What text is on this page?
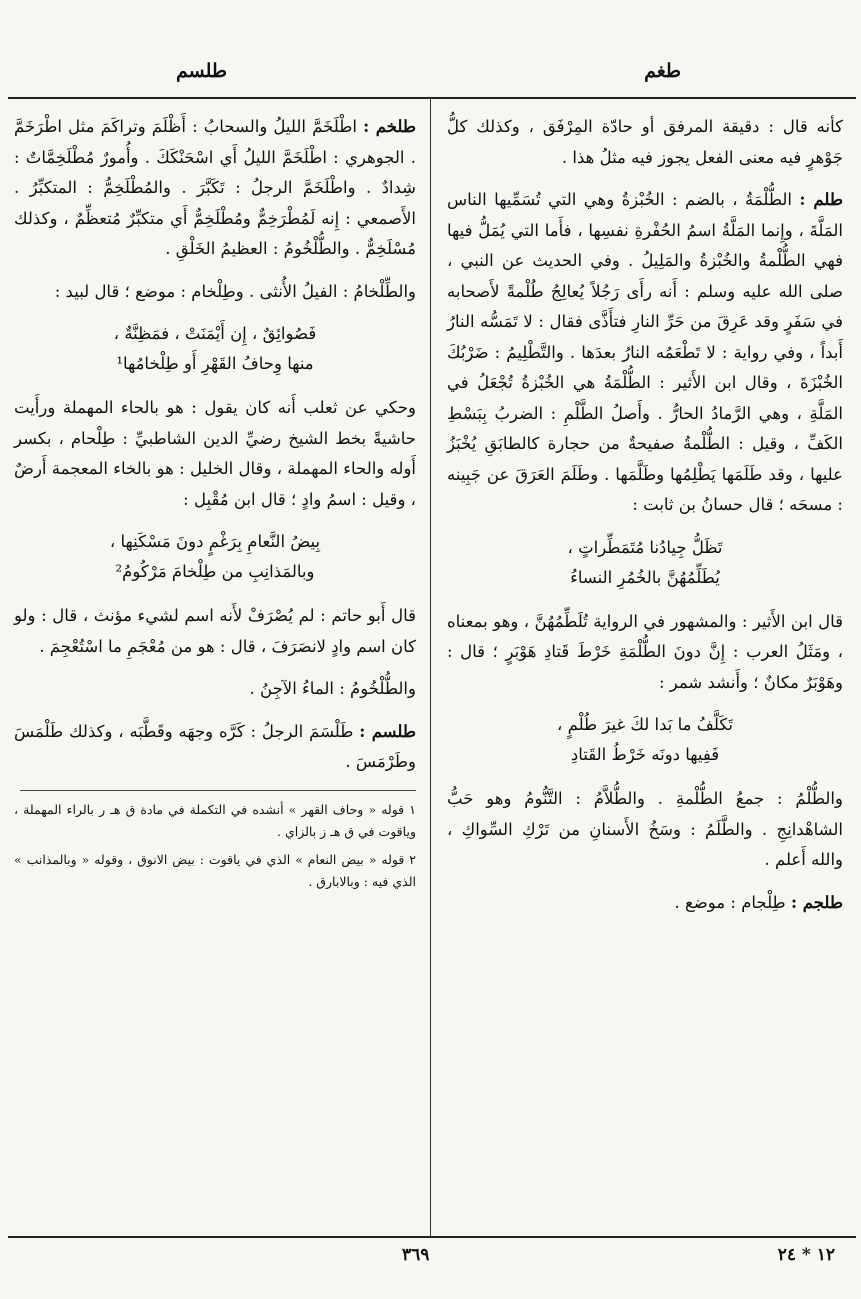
طغم
طلسم

كأنه قال : دقيقة المرفق أو حادّة المِرْفَق ، وكذلك كلُّ جَوْهرٍ فيه معنى الفعل يجوز فيه مثلُ هذا .

طلم : الطُّلْمَةُ ، بالضم : الخُبْزةُ وهي التي تُسَمِّيها الناس المَلَّةَ ، وإِنما المَلَّةُ اسمُ الحُفْرةِ نفسِها ، فأَما التي يُمَلُّ فيها فهي الطُّلْمةُ والخُبْزةُ والمَلِيلُ . وفي الحديث عن النبي ، صلى الله عليه وسلم : أَنه رأَى رَجُلاً يُعالِجُ طُلْمةً لأَصحابه في سَفَرٍ وقد عَرِقَ من حَرِّ النارِ فتأَذَّى فقال : لا تَمَسُّه النارُ أَبداً ، وفي رواية : لا تَطْعَمُه النارُ بعدَها . والتَّطْلِيمُ : ضَرْبُكَ الخُبْزَةَ ، وقال ابن الأَثير : الطُّلْمَةُ هي الخُبْزةُ تُجْعَلُ في المَلَّةِ ، وهي الرَّمادُ الحارُّ . وأَصلُ الطَّلْمِ : الضربُ بِبَسْطِ الكَفِّ ، وقيل : الطُّلْمةُ صفيحةٌ من حجارة كالطابَقِ يُخْبَزُ عليها ، وقد طَلَمَها يَطْلِمُها وطَلَّمَها . وطَلَمَ العَرَقَ عن جَبِينه : مسحَه ؛ قال حسانُ بن ثابت :

تَظَلُّ جِيادُنا مُتَمَطِّراتٍ ،
يُطَلِّمُهُنَّ بالخُمُرِ النساءُ

قال ابن الأَثير : والمشهور في الرواية تُلَطِّمُهُنَّ ، وهو بمعناه ، ومَثَلُ العرب : إِنَّ دونَ الطُّلْمَةِ خَرْطَ قَتادِ هَوْبَرٍ ؛ قال : وهَوْبَرٌ مكانٌ ؛ وأَنشد شمر :

تَكَلَّفُ ما بَدا لكَ غيرَ طُلْمٍ ،
فَفِيها دونَه خَرْطُ القَتادِ

والطُّلْمُ : جمعُ الطُّلْمةِ . والطُّلاَّمُ : التَّنُّومُ وهو حَبُّ الشاهْدانِجِ . والطَّلَمُ : وسَخُ الأَسنانِ من تَرْكِ السِّواكِ ، والله أَعلم .

طلجم : طِلْجام : موضع .

طلخم : اطْلَخَمَّ الليلُ والسحابُ : أَظْلَمَ وتراكَمَ مثل اطْرَخَمَّ . الجوهري : اطْلَخَمَّ الليلُ أَي اسْحَنْكَكَ . وأُمورٌ مُطْلَخِمَّاتٌ : شِدادٌ . واطْلَخَمَّ الرجلُ : تَكَبَّرَ . والمُطْلَخِمُّ : المتكبِّرُ . الأَصمعي : إِنه لَمُطْرَخِمٌّ ومُطْلَخِمٌّ أَي متكبِّرٌ مُتعظِّمٌ ، وكذلك مُسْلَخِمٌّ . والطُّلْخُومُ : العظيمُ الخَلْقِ .

والطِّلْخامُ : الفيلُ الأُنثى . وطِلْخام : موضع ؛ قال لبيد :

فَصُوائِقٌ ، إِن أَيْمَنَتْ ، فمَظِنَّةٌ ،
منها وِحافُ القَهْرِ أَو طِلْخامُها¹

وحكي عن ثعلب أَنه كان يقول : هو بالحاء المهملة ورأَيت حاشيةً بخط الشيخ رضيِّ الدين الشاطبيِّ : طِلْحام ، بكسر أَوله والحاء المهملة ، وقال الخليل : هو بالخاء المعجمة أَرضٌ ، وقيل : اسمُ وادٍ ؛ قال ابن مُقْبِل :

بِيضُ النَّعامِ بِرَغْمٍ دونَ مَسْكَنِها ،
وبالمَذانِبِ من طِلْخامَ مَرْكُومُ²

قال أَبو حاتم : لم يُصْرَفْ لأَنه اسم لشيء مؤنث ، قال : ولو كان اسم وادٍ لانصَرَفَ ، قال : هو من مُعْجَمِ ما اسْتُعْجِمَ .

والطُّلْخُومُ : الماءُ الآجِنُ .

طلسم : طَلْسَمَ الرجلُ : كَرَّه وجهَه وقَطَّبَه ، وكذلك طَلْمَسَ وطَرْمَسَ .

١ قوله « وحاف القهر » أنشده في التكملة في مادة ق هـ ر بالراء المهملة ، وياقوت في ق هـ ز بالزاي .

٢ قوله « بيض النعام » الذي في ياقوت : بيض الانوق ، وقوله « وبالمذانب » الذي فيه : وبالابارق .

٣٦٩	١٢ * ٢٤
